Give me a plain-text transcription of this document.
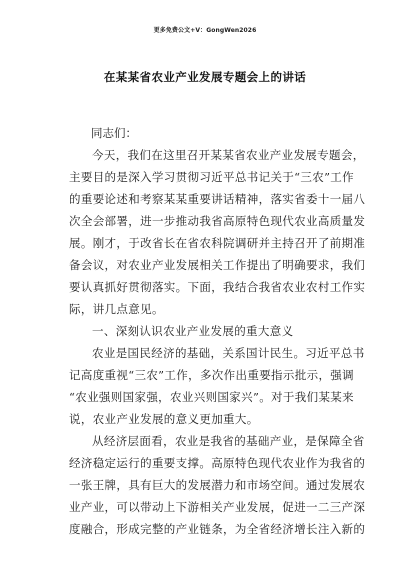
更多免费公文+V：GongWen2026
在某某省农业产业发展专题会上的讲话

同志们：

今天，我们在这里召开某某省农业产业发展专题会，
主要目的是深入学习贯彻习近平总书记关于“三农”工作
的重要论述和考察某某重要讲话精神，落实省委十一届八
次全会部署，进一步推动我省高原特色现代农业高质量发
展。刚才，于改省长在省农科院调研并主持召开了前期准
备会议，对农业产业发展相关工作提出了明确要求，我们
要认真抓好贯彻落实。下面，我结合我省农业农村工作实
际，讲几点意见。

一、深刻认识农业产业发展的重大意义

农业是国民经济的基础，关系国计民生。习近平总书
记高度重视“三农”工作，多次作出重要指示批示，强调
“农业强则国家强，农业兴则国家兴”。对于我们某某来
说，农业产业发展的意义更加重大。

从经济层面看，农业是我省的基础产业，是保障全省
经济稳定运行的重要支撑。高原特色现代农业作为我省的
一张王牌，具有巨大的发展潜力和市场空间。通过发展农
业产业，可以带动上下游相关产业发展，促进一二三产深
度融合，形成完整的产业链条，为全省经济增长注入新的
